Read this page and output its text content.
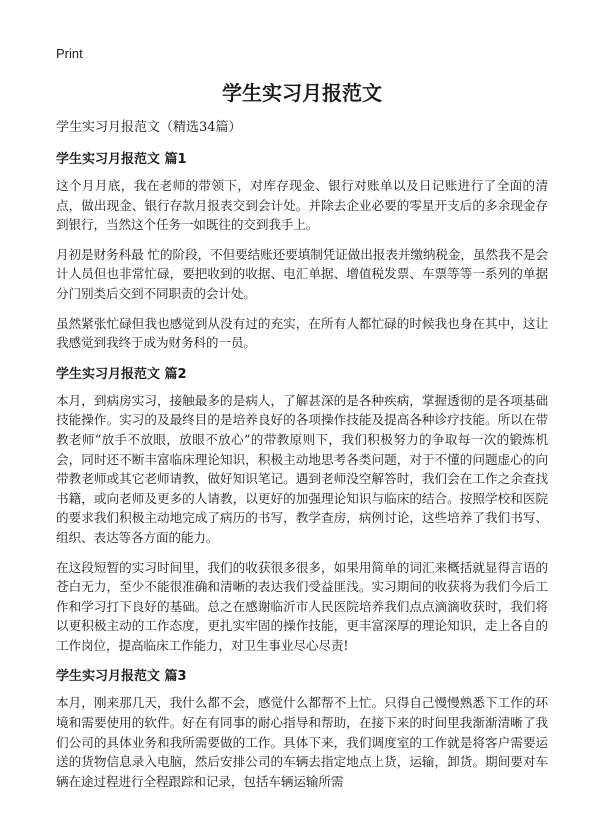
Print
学生实习月报范文
学生实习月报范文（精选34篇）
学生实习月报范文 篇1

这个月月底，我在老师的带领下，对库存现金、银行对账单以及日记账进行了全面的清点，做出现金、银行存款月报表交到会计处。并除去企业必要的零星开支后的多余现金存到银行，当然这个任务一如既往的交到我手上。

月初是财务科最 忙的阶段，不但要结账还要填制凭证做出报表并缴纳税金，虽然我不是会计人员但也非常忙碌，要把收到的收据、电汇单据、增值税发票、车票等等一系列的单据分门别类后交到不同职责的会计处。

虽然紧张忙碌但我也感觉到从没有过的充实，在所有人都忙碌的时候我也身在其中，这让我感觉到我终于成为财务科的一员。

学生实习月报范文 篇2

本月，到病房实习，接触最多的是病人，了解甚深的是各种疾病，掌握透彻的是各项基础技能操作。实习的及最终目的是培养良好的各项操作技能及提高各种诊疗技能。所以在带教老师“放手不放眼，放眼不放心”的带教原则下，我们积极努力的争取每一次的锻炼机会，同时还不断丰富临床理论知识，积极主动地思考各类问题，对于不懂的问题虚心的向带教老师或其它老师请教，做好知识笔记。遇到老师没空解答时，我们会在工作之余查找书籍，或向老师及更多的人请教，以更好的加强理论知识与临床的结合。按照学校和医院的要求我们积极主动地完成了病历的书写，教学查房，病例讨论，这些培养了我们书写、组织、表达等各方面的能力。

在这段短暂的实习时间里，我们的收获很多很多，如果用简单的词汇来概括就显得言语的苍白无力，至少不能很准确和清晰的表达我们受益匪浅。实习期间的收获将为我们今后工作和学习打下良好的基础。总之在感谢临沂市人民医院培养我们点点滴滴收获时，我们将以更积极主动的工作态度，更扎实牢固的操作技能，更丰富深厚的理论知识，走上各自的工作岗位，提高临床工作能力，对卫生事业尽心尽责!

学生实习月报范文 篇3

本月，刚来那几天，我什么都不会，感觉什么都帮不上忙。只得自己慢慢熟悉下工作的环境和需要使用的软件。好在有同事的耐心指导和帮助，在接下来的时间里我渐渐清晰了我们公司的具体业务和我所需要做的工作。具体下来，我们调度室的工作就是将客户需要运送的货物信息录入电脑，然后安排公司的车辆去指定地点上货，运输，卸货。期间要对车辆在途过程进行全程跟踪和记录，包括车辆运输所需
